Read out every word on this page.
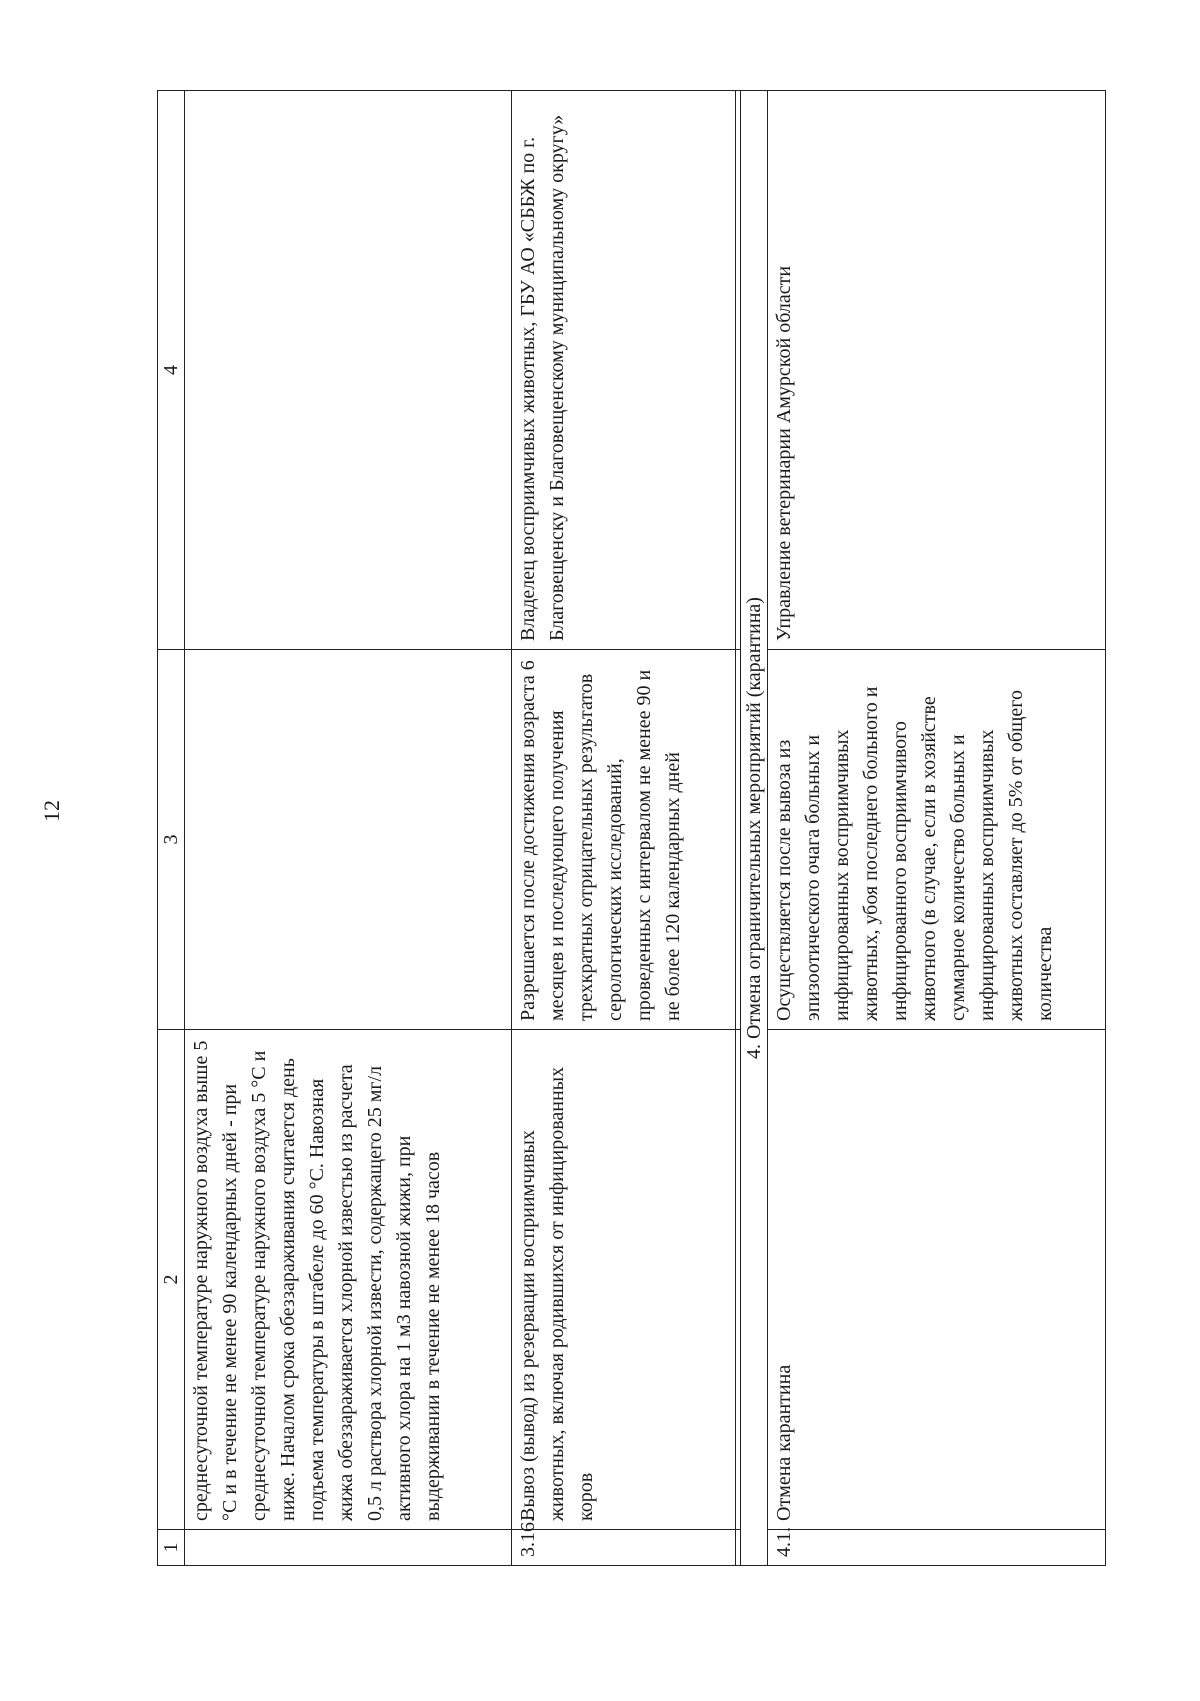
12
1	2	3	4
	среднесуточной температуре наружного воздуха выше 5 °С и в течение не менее 90 календарных дней - при среднесуточной температуре наружного воздуха 5 °С и ниже. Началом срока обеззараживания считается день подъема температуры в штабеле до 60 °С. Навозная жижа обеззараживается хлорной известью из расчета 0,5 л раствора хлорной извести, содержащего 25 мг/л активного хлора на 1 м3 навозной жижи, при выдерживании в течение не менее 18 часов		
3.16.	Вывоз (вывод) из резервации восприимчивых животных, включая родившихся от инфицированных коров	Разрешается после достижения возраста 6 месяцев и последующего получения трехкратных отрицательных результатов серологических исследований, проведенных с интервалом не менее 90 и не более 120 календарных дней	Владелец восприимчивых животных, ГБУ АО «СББЖ по г. Благовещенску и Благовещенскому муниципальному округу»

4. Отмена ограничительных мероприятий (карантина)			
4.1.	Отмена карантина	Осуществляется после вывоза из эпизоотического очага больных и инфицированных восприимчивых животных, убоя последнего больного и инфицированного восприимчивого животного (в случае, если в хозяйстве суммарное количество больных и инфицированных восприимчивых животных составляет до 5% от общего количества	Управление ветеринарии Амурской области
